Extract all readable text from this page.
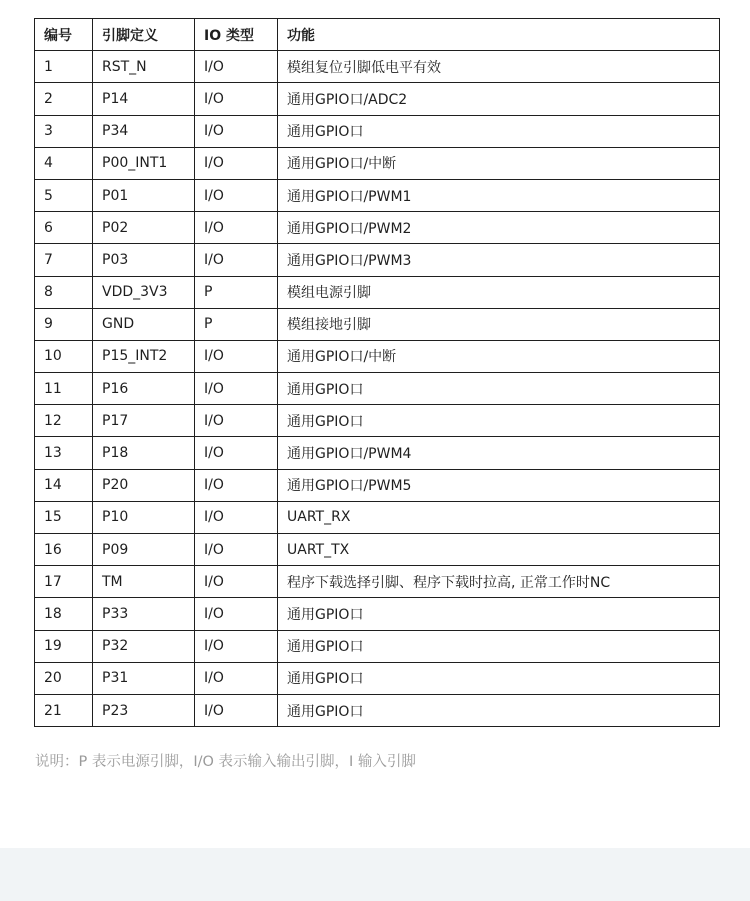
编号	引脚定义	IO 类型	功能
1	RST_N	I/O	模组复位引脚低电平有效
2	P14	I/O	通用GPIO口/ADC2
3	P34	I/O	通用GPIO口
4	P00_INT1	I/O	通用GPIO口/中断
5	P01	I/O	通用GPIO口/PWM1
6	P02	I/O	通用GPIO口/PWM2
7	P03	I/O	通用GPIO口/PWM3
8	VDD_3V3	P	模组电源引脚
9	GND	P	模组接地引脚
10	P15_INT2	I/O	通用GPIO口/中断
11	P16	I/O	通用GPIO口
12	P17	I/O	通用GPIO口
13	P18	I/O	通用GPIO口/PWM4
14	P20	I/O	通用GPIO口/PWM5
15	P10	I/O	UART_RX
16	P09	I/O	UART_TX
17	TM	I/O	程序下载选择引脚、程序下载时拉高, 正常工作时NC
18	P33	I/O	通用GPIO口
19	P32	I/O	通用GPIO口
20	P31	I/O	通用GPIO口
21	P23	I/O	通用GPIO口
说明：P 表示电源引脚，I/O 表示输入输出引脚，I 输入引脚
